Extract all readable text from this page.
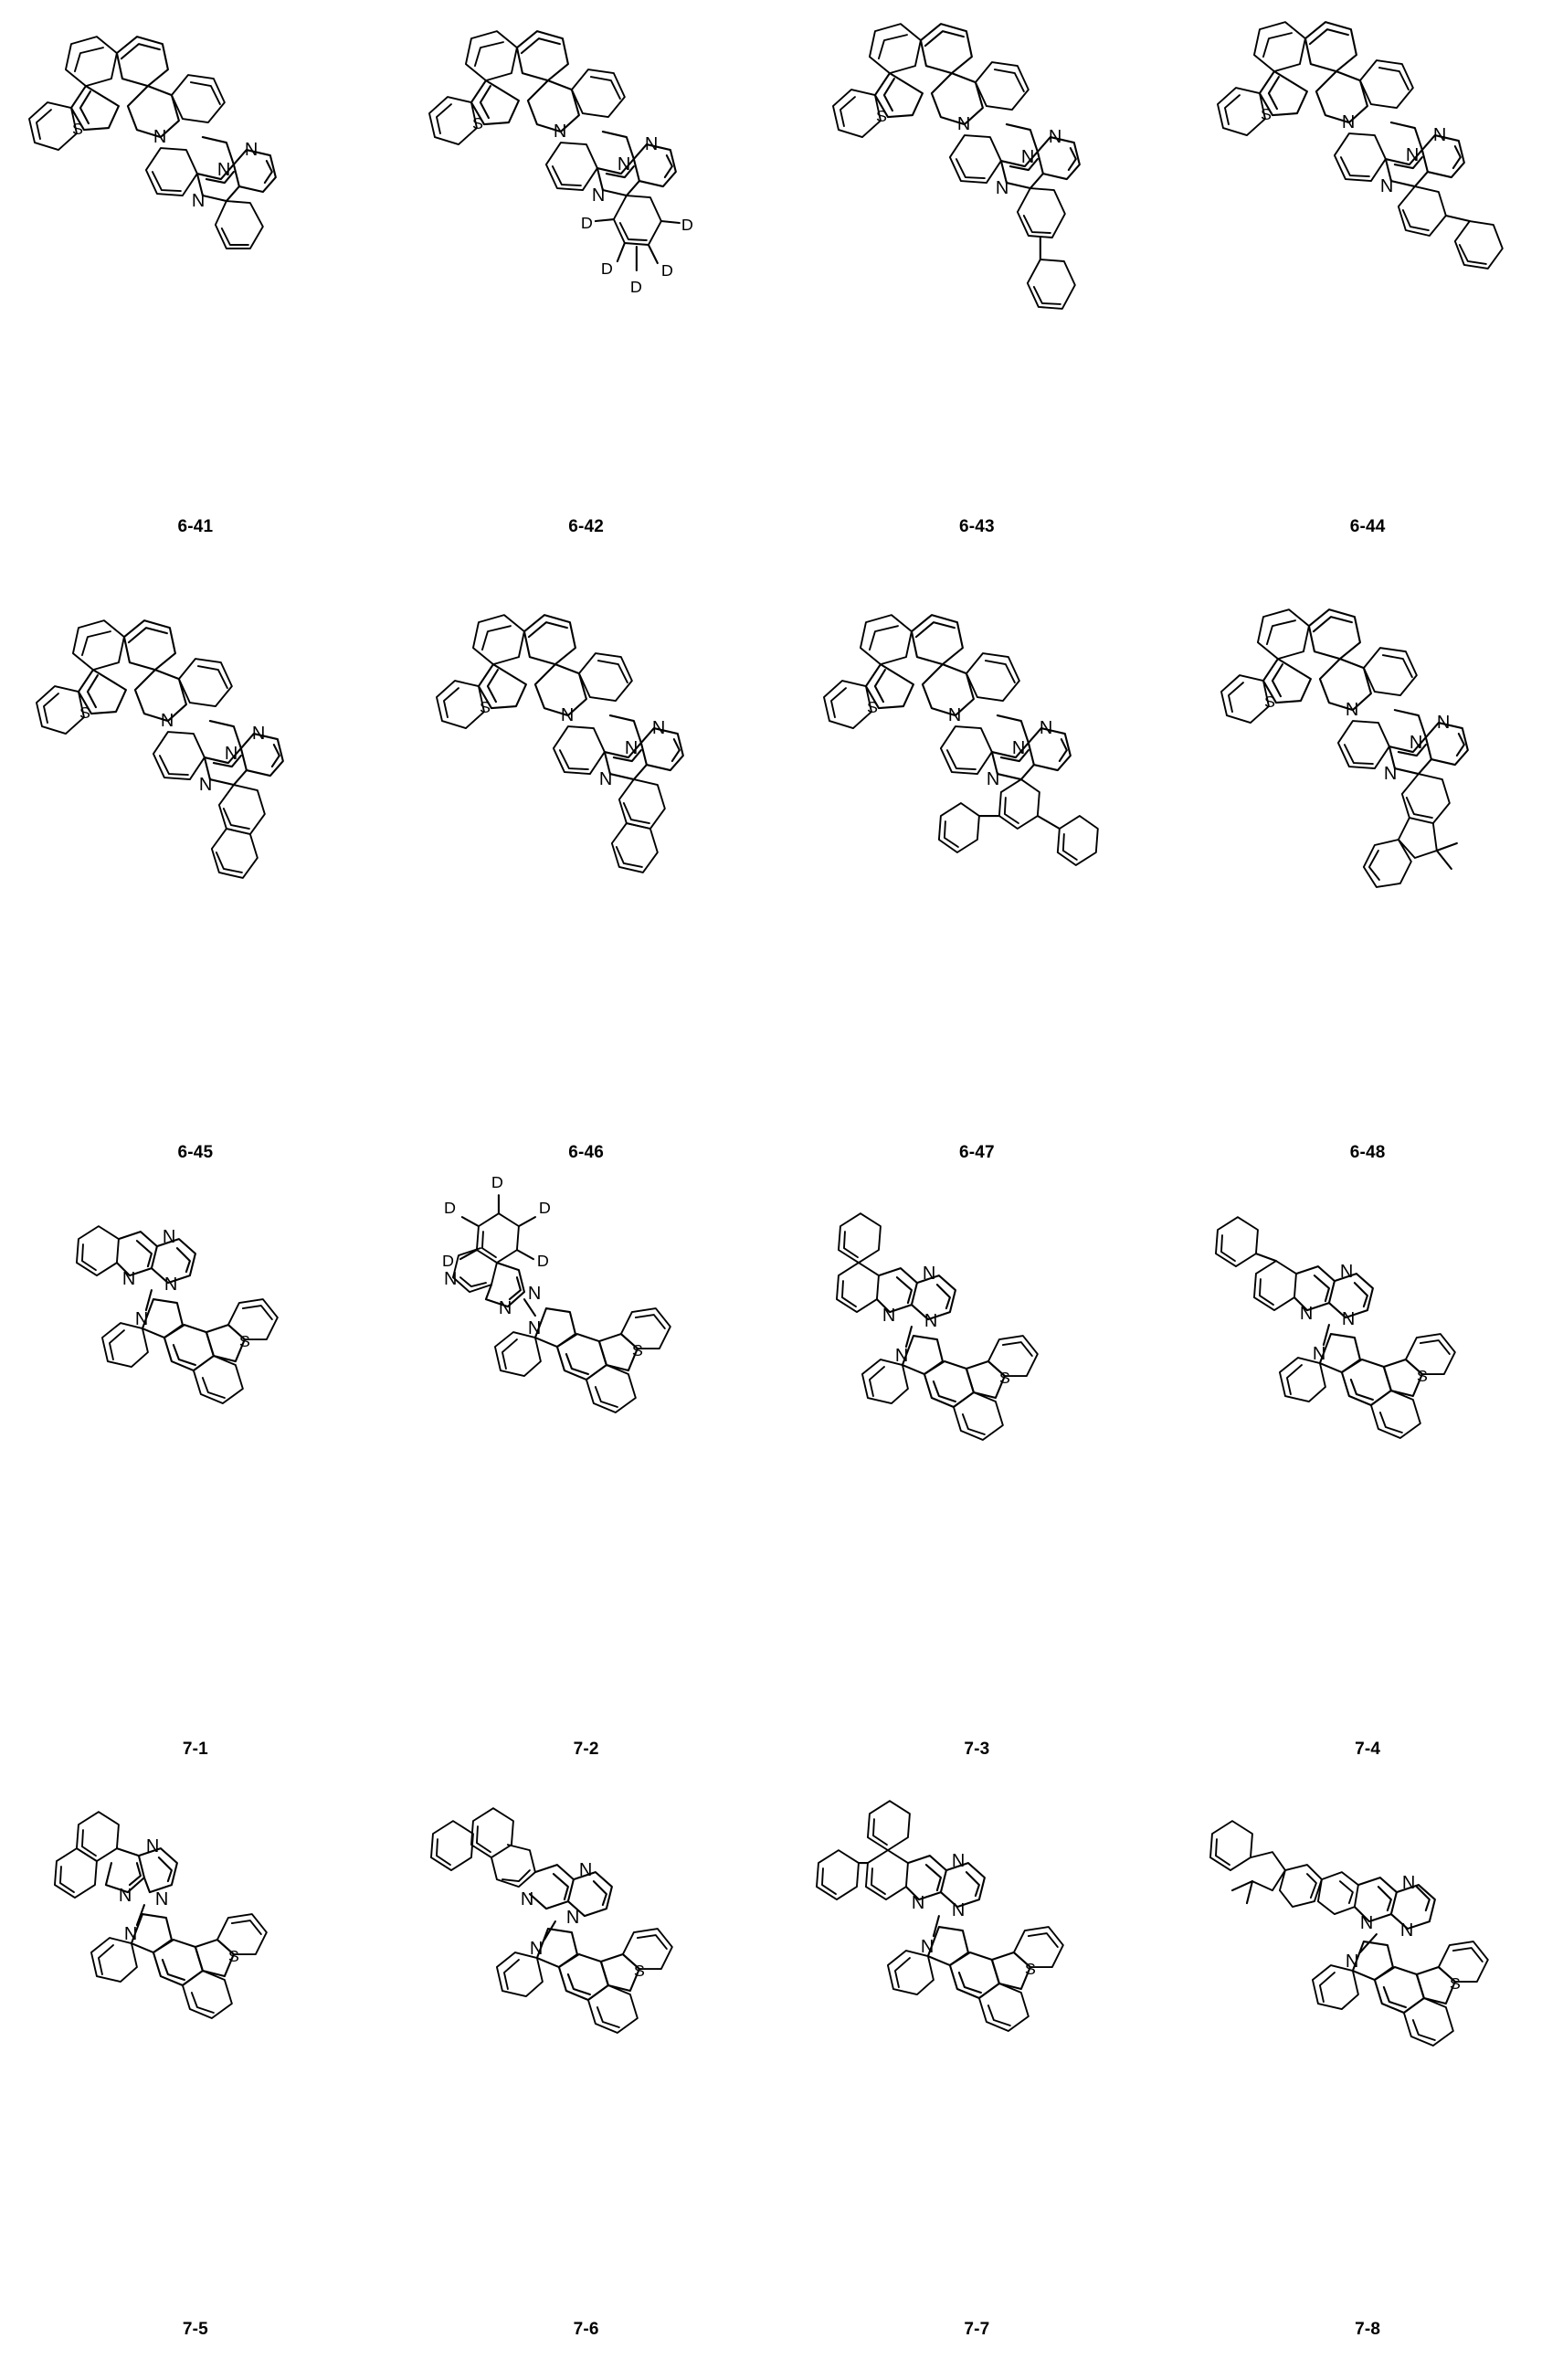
S	N
N
N
N
6-41
S	N
N
N
N
D	D
D	D
D
6-42
S	N
N
N
N
6-43
S	N
N
N
N
6-44
S	N
N
N
N
6-45
S	N
N
N
N
6-46
S	N
N
N
N
6-47
S	N
N
N
N
6-48
N
N
N
N
S
7-1
D
D	D
D	D
N
N
N
N
S
7-2
N
N
N
N
S
7-3
N
N
N
N
S
7-4
N
N
N
N
S
7-5
N
N
N
N
S
7-6
N
N
N
N
S
7-7
N
N
N
N
S
7-8
